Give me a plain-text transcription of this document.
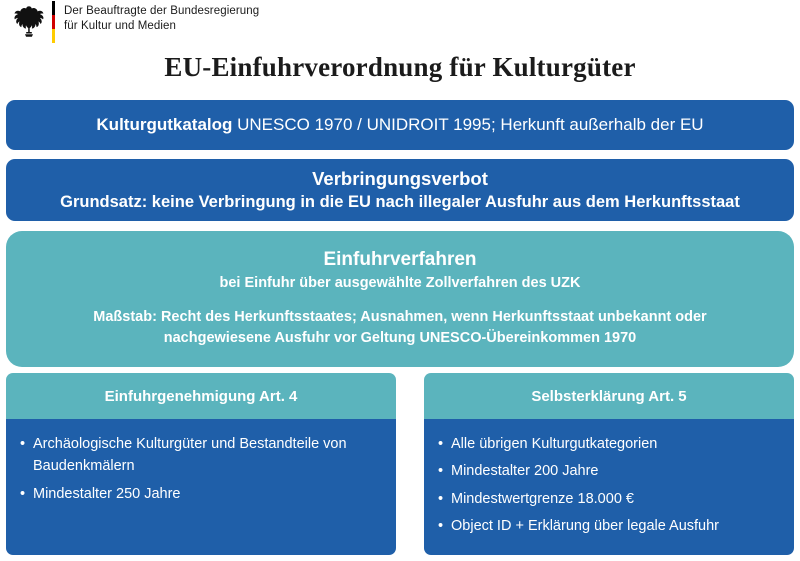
Der Beauftragte der Bundesregierung
für Kultur und Medien
EU-Einfuhrverordnung für Kulturgüter
Kulturgutkatalog UNESCO 1970 / UNIDROIT 1995; Herkunft außerhalb der EU
Verbringungsverbot
Grundsatz: keine Verbringung in die EU nach illegaler Ausfuhr aus dem Herkunftsstaat
Einfuhrverfahren
bei Einfuhr über ausgewählte Zollverfahren des UZK
Maßstab: Recht des Herkunftsstaates; Ausnahmen, wenn Herkunftsstaat unbekannt oder
nachgewiesene Ausfuhr vor Geltung UNESCO-Übereinkommen 1970
Einfuhrgenehmigung Art. 4
• Archäologische Kulturgüter und Bestandteile von Baudenkmälern
• Mindestalter 250 Jahre
Selbsterklärung Art. 5
• Alle übrigen Kulturgutkategorien
• Mindestalter 200 Jahre
• Mindestwertgrenze 18.000 €
• Object ID + Erklärung über legale Ausfuhr
